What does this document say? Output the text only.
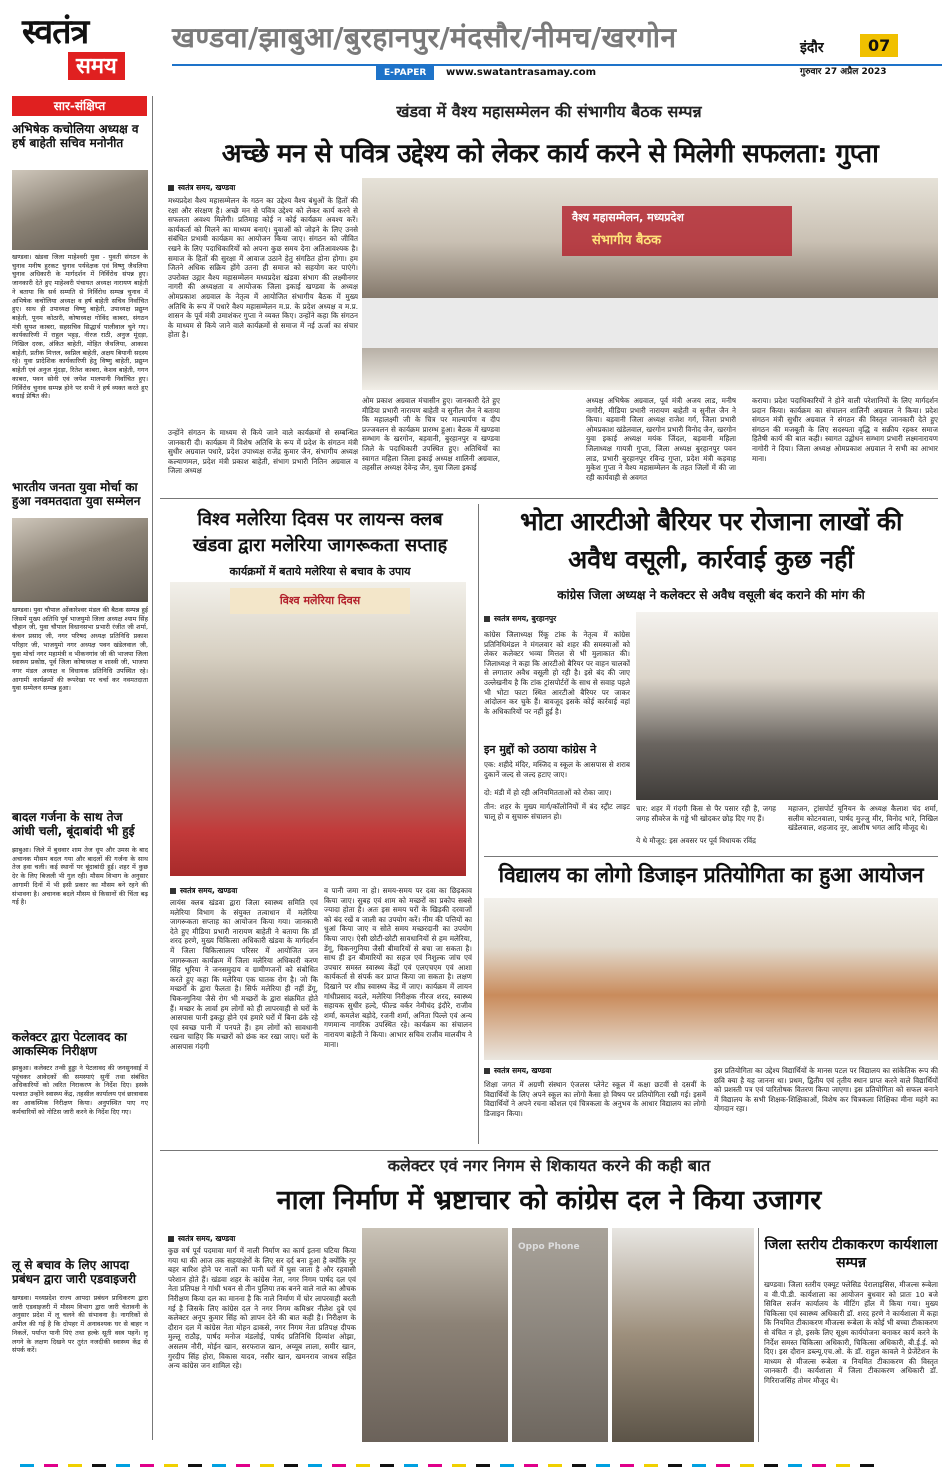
स्वतंत्र
समय
खण्डवा/झाबुआ/बुरहानपुर/मंदसौर/नीमच/खरगोन
E-PAPER	www.swatantrasamay.com
इंदौर	07
गुरुवार 27 अप्रैल 2023
सार-संक्षिप्त
अभिषेक कचोलिया अध्यक्ष व हर्ष बाहेती सचिव मनोनीत
खण्डवा। खंडवा जिला माहेश्वरी युवा - युवती संगठन के चुनाव मनीष हुरकट चुनाव पर्यवेक्षक एवं विष्णु जैथलिया चुनाव अधिकारी के मार्गदर्शन में निर्विरोध संपन्न हुए। जानकारी देते हुए माहेश्वरी पंचायत अध्यक्ष नारायण बाहेती ने बताया कि सर्व सम्मति से निर्विरोध सम्पन्न चुनाव में अभिषेक कचोलिया अध्यक्ष व हर्ष बाहेती सचिव निर्वाचित हुए। साथ ही उपाध्यक्ष विष्णु बाहेती, उपाध्यक्ष प्रद्युम्न बाहेती, पूनम कोठारी, कोषाध्यक्ष गोविंद काबरा, संगठन मंत्री सुयश काबरा, सहसचिव सिद्धार्थ पालीवाल चुने गए। कार्यकारिणी में राहुल भट्टड़, नीरज राठी, अनुज मूंदड़ा, निखिल दरक, अंकित बाहेती, मोहित जैथलिया, आकाश बाहेती, प्रतीक मित्तल, स्वप्निल बाहेती, अक्षय बियानी सदस्य रहे। युवा प्रादेशिक कार्यकारिणी हेतु विष्णु बाहेती, प्रद्युम्न बाहेती एवं अनुज मूंदड़ा, रितेश काबरा, केशव बाहेती, गगन काबरा, पवन सोनी एवं जयेश मालपानी निर्वाचित हुए। निर्विरोध चुनाव सम्पन्न होने पर सभी ने हर्ष व्यक्त करते हुए बधाई प्रेषित की।
भारतीय जनता युवा मोर्चा का हुआ नवमतदाता युवा सम्मेलन
खण्डवा। युवा चौपाल ओंकारेश्वर मंडल की बैठक सम्पन्न हुई जिसमें मुख्य अतिथि पूर्व भाजयुमो जिला अध्यक्ष श्याम सिंह चौहान जी, युवा चौपाल विधानसभा प्रभारी रंजीत जी शर्मा, कंचन प्रसाद जी, नगर परिषद अध्यक्ष प्रतिनिधि प्रकाश परिहार जी, भाजयुमो नगर अध्यक्ष पवन खंडेलवाल जी, युवा मोर्चा नगर महामंत्री व भीकनगांव जी की भाजपा जिला स्वास्थ्य प्रकोष्ठ, पूर्व जिला कोषाध्यक्ष व शास्त्री जी, भाजपा नगर मंडल अध्यक्ष व विधायक प्रतिनिधि उपस्थित रहे। आगामी कार्यक्रमों की रूपरेखा पर चर्चा कर नवमतदाता युवा सम्मेलन सम्पन्न हुआ।
बादल गर्जना के साथ तेज आंधी चली, बूंदाबांदी भी हुई
झाबुआ। जिले में बुधवार शाम तेज धूप और उमस के बाद अचानक मौसम बदल गया और बादलों की गर्जना के साथ तेज हवा चली। कई स्थानों पर बूंदाबांदी हुई। शहर में कुछ देर के लिए बिजली भी गुल रही। मौसम विभाग के अनुसार आगामी दिनों में भी इसी प्रकार का मौसम बने रहने की संभावना है। अचानक बदले मौसम से किसानों की चिंता बढ़ गई है।
कलेक्टर द्वारा पेटलावद का आकस्मिक निरीक्षण
झाबुआ। कलेक्टर तन्वी हुड्डा ने पेटलावद की जनसुनवाई में पहुंचकर आवेदकों की समस्याएं सुनीं तथा संबंधित अधिकारियों को त्वरित निराकरण के निर्देश दिए। इसके पश्चात उन्होंने स्वास्थ्य केंद्र, तहसील कार्यालय एवं छात्रावास का आकस्मिक निरीक्षण किया। अनुपस्थित पाए गए कर्मचारियों को नोटिस जारी करने के निर्देश दिए गए।
लू से बचाव के लिए आपदा प्रबंधन द्वारा जारी एडवाइजरी
खण्डवा। मध्यप्रदेश राज्य आपदा प्रबंधन प्राधिकरण द्वारा जारी एडवाइजरी में मौसम विभाग द्वारा जारी चेतावनी के अनुसार प्रदेश में लू चलने की संभावना है। नागरिकों से अपील की गई है कि दोपहर में अनावश्यक घर से बाहर न निकलें, पर्याप्त पानी पिएं तथा हल्के सूती वस्त्र पहनें। लू लगने के लक्षण दिखने पर तुरंत नजदीकी स्वास्थ्य केंद्र से संपर्क करें।
खंडवा में वैश्य महासम्मेलन की संभागीय बैठक सम्पन्न
अच्छे मन से पवित्र उद्देश्य को लेकर कार्य करने से मिलेगी सफलता: गुप्ता
स्वतंत्र समय, खण्डवा
मध्यप्रदेश वैश्य महासम्मेलन के गठन का उद्देश्य वैश्य बंधुओं के हितों की रक्षा और संरक्षण है। अच्छे मन से पवित्र उद्देश्य को लेकर कार्य करने से सफलता अवश्य मिलेगी। प्रतिमाह कोई न कोई कार्यक्रम अवश्य करें। कार्यकर्ता को मिलने का माध्यम बनाएं। युवाओं को जोड़ने के लिए उनसे संबंधित प्रभावी कार्यक्रम का आयोजन किया जाए। संगठन को जीवित रखने के लिए पदाधिकारियों को अपना कुछ समय देना अतिआवश्यक है। समाज के हितों की सुरक्षा में आवाज उठाने हेतु संगठित होना होगा। हम जितने अधिक सक्रिय होंगे उतना ही समाज को सहयोग कर पाएंगे। उपरोक्त उद्गार वैश्य महासम्मेलन मध्यप्रदेश खंडवा संभाग की लक्ष्मीनगर नागरी की अध्यक्षता व आयोजक जिला इकाई खण्डवा के अध्यक्ष ओमप्रकाश अग्रवाल के नेतृत्व में आयोजित संभागीय बैठक में मुख्य अतिथि के रूप में पधारे वैश्य महासम्मेलन म.प्र. के प्रदेश अध्यक्ष व म.प्र. शासन के पूर्व मंत्री उमाशंकर गुप्ता ने व्यक्त किए। उन्होंने कहा कि संगठन के माध्यम से किये जाने वाले कार्यक्रमों से समाज में नई ऊर्जा का संचार होता है।
उन्होंने संगठन के माध्यम से किये जाने वाले कार्यक्रमों से सम्बन्धित जानकारी दी। कार्यक्रम में विशेष अतिथि के रूप में प्रदेश के संगठन मंत्री सुधीर अग्रवाल पधारे, प्रदेश उपाध्यक्ष राजेंद्र कुमार जैन, संभागीय अध्यक्ष कल्याणमल, प्रदेश मंत्री प्रकाश बाहेती, संभाग प्रभारी नितिन अग्रवाल व जिला अध्यक्ष
वैश्य महासम्मेलन, मध्यप्रदेश
संभागीय बैठक
ओम प्रकाश अग्रवाल मंचासीन हुए। जानकारी देते हुए मीडिया प्रभारी नारायण बाहेती व सुनील जैन ने बताया कि महालक्ष्मी जी के चित्र पर माल्यार्पण व दीप प्रज्जवलन से कार्यक्रम प्रारम्भ हुआ। बैठक में खण्डवा सम्भाग के खरगोन, बड़वानी, बुरहानपुर व खण्डवा जिले के पदाधिकारी उपस्थित हुए। अतिथियों का स्वागत महिला जिला इकाई अध्यक्ष शालिनी अग्रवाल, तहसील अध्यक्ष देवेन्द्र जैन, युवा जिला इकाई
अध्यक्ष अभिषेक अग्रवाल, पूर्व मंत्री अजय लाड, मनीष नागोरी, मीडिया प्रभारी नारायण बाहेती व सुनील जैन ने किया। बड़वानी जिला अध्यक्ष राजेश गर्ग, जिला प्रभारी ओमप्रकाश खंडेलवाल, खरगोन प्रभारी विनोद जैन, खरगोन युवा इकाई अध्यक्ष मयंक जिंदल, बड़वानी महिला जिलाध्यक्ष गायत्री गुप्ता, जिला अध्यक्ष बुरहानपुर पवन लाड, प्रभारी बुरहानपुर रविन्द्र गुप्ता, प्रदेश मंत्री कड़वाह मुकेश गुप्ता ने वैश्य महासम्मेलन के तहत जिलों में की जा रही कार्यवाही से अवगत
कराया। प्रदेश पदाधिकारियों ने होने वाली परेशानियों के लिए मार्गदर्शन प्रदान किया। कार्यक्रम का संचालन शालिनी अग्रवाल ने किया। प्रदेश संगठन मंत्री सुधीर अग्रवाल ने संगठन की विस्तृत जानकारी देते हुए संगठन की मजबूती के लिए सदस्यता वृद्धि व सक्रीय रहकर समाज हितैषी कार्य की बात कही। स्वागत उद्बोधन सम्भाग प्रभारी लक्ष्मनारायण नागोरी ने दिया। जिला अध्यक्ष ओमप्रकाश अग्रवाल ने सभी का आभार माना।
विश्व मलेरिया दिवस पर लायन्स क्लब
खंडवा द्वारा मलेरिया जागरूकता सप्ताह
कार्यक्रमों में बताये मलेरिया से बचाव के उपाय
विश्व मलेरिया दिवस
स्वतंत्र समय, खण्डवा
लायंस क्लब खंडवा द्वारा जिला स्वास्थ्य समिति एवं मलेरिया विभाग के संयुक्त तत्वाधान में मलेरिया जागरूकता सप्ताह का आयोजन किया गया। जानकारी देते हुए मीडिया प्रभारी नारायण बाहेती ने बताया कि डॉ शरद हरणे, मुख्य चिकित्सा अधिकारी खंडवा के मार्गदर्शन में जिला चिकित्सालय परिसर में आयोजित जन जागरूकता कार्यक्रम में जिला मलेरिया अधिकारी करण सिंह भूरिया ने जनसमुदाय व ग्रामीणजनों को संबोधित करते हुए कहा कि मलेरिया एक घातक रोग है। जो कि मच्छरों के द्वारा फैलता है। सिर्फ मलेरिया ही नहीं डेंगू, चिकनगुनिया जैसे रोग भी मच्छरों के द्वारा संक्रमित होते हैं। मच्छर के लार्वा हम लोगों को ही लापरवाही से घरों के आसपास पानी इकट्ठा होने एवं हमारे घरों में बिना ढंके रहे एवं स्वच्छ पानी में पनपते हैं। हम लोगों को सावधानी रखना चाहिए कि मच्छरों को छंक कर रखा जाए। घरों के आसपास गंदगी
व पानी जमा ना हो। समय-समय पर दवा का छिड़काव किया जाए। सुबह एवं शाम को मच्छरों का प्रकोप सबसे ज्यादा होता है। अतः इस समय घरों के खिड़की दरवाजों को बंद रखें व जाली का उपयोग करें। नीम की पत्तियों का धुआं किया जाए व सोते समय मच्छरदानी का उपयोग किया जाए। ऐसी छोटी-छोटी सावधानियों से हम मलेरिया, डेंगू, चिकनगुनिया जैसी बीमारियों से बचा जा सकता है। साथ ही इन बीमारियों का सहज एवं निशुल्क जांच एवं उपचार समस्त स्वास्थ्य केंद्रों एवं एलएचएम एवं आशा कार्यकर्ता से संपर्क कर प्राप्त किया जा सकता है। लक्षण दिखाने पर शीघ्र स्वास्थ्य केंद्र में जाए। कार्यक्रम में लायन गांधीप्रसाद वदले, मलेरिया निरीक्षक नीरज शरद, स्वास्थ्य सहायक सुधीर हल्दे, फील्ड वर्कर नेमीचंद इंदौरे, राजीव शर्मा, कमलेश बड़ोदे, रजनी शर्मा, अनिता पिल्ले एवं अन्य गणमान्य नागरिक उपस्थित रहे। कार्यक्रम का संचालन नारायण बाहेती ने किया। आभार सचिव राजीव मालवीय ने माना।
भोटा आरटीओ बैरियर पर रोजाना लाखों की
अवैध वसूली, कार्रवाई कुछ नहीं
कांग्रेस जिला अध्यक्ष ने कलेक्टर से अवैध वसूली बंद कराने की मांग की
स्वतंत्र समय, बुरहानपुर
कांग्रेस जिलाध्यक्ष रिंकू टांक के नेतृत्व में कांग्रेस प्रतिनिधिमंडल ने मंगलवार को शहर की समस्याओं को लेकर कलेक्टर भव्या मित्तल से भी मुलाकात की। जिलाध्यक्ष ने कहा कि आरटीओ बैरियर पर वाहन चालकों से लगातार अवैध वसूली हो रही है। इसे बंद की जाए उल्लेखनीय है कि टांक ट्रांसपोर्टरों के साथ से सवाह पहले भी भोटा फाटा स्थित आरटीओ बैरियर पर जाकर आंदोलन कर चुके हैं। बावजूद इसके कोई कार्रवाई वहां के अधिकारियों पर नहीं हुई है।
इन मुद्दों को उठाया कांग्रेस ने
एक: शहीदे मंदिर, मस्जिद व स्कूल के आसपास से शराब दुकानें जल्द से जल्द हटाए जाए।
दो: मंडी में हो रही अनियमितताओं को रोका जाए।
तीन: शहर के मुख्य मार्ग/कॉलोनियों में बंद स्ट्रीट लाइट चालू हो व सुचारू संचालन हो।
चार: शहर में गंदगी किस से पैर पसार रही है, जगह जगह सीवरेज के गड्ढे भी खोदकर छोड़ दिए गए हैं।
ये थे मौजूद: इस अवसर पर पूर्व विधायक रविंद्र
महाजन, ट्रांसपोर्ट यूनियन के अध्यक्ष कैलाश चंद शर्मा, सलीम कोटनवाला, पार्षद मुज्जु मीर, विनोद भारे, निखिल खंडेलवाल, शहजाद नूर, आशीष भगत आदि मौजूद थे।
विद्यालय का लोगो डिजाइन प्रतियोगिता का हुआ आयोजन
स्वतंत्र समय, खण्डवा
शिक्षा जगत में अग्रणी संस्थान एंजलस प्लेनेट स्कूल में कक्षा छटवीं से दसवीं के विद्यार्थियों के लिए अपने स्कूल का लोगो कैसा हो विषय पर प्रतियोगिता रखी गई। इसमें विद्यार्थियों ने अपने रचना कौशल एवं चित्रकला के अनुभव के आधार विद्यालय का लोगो डिजाइन किया।
इस प्रतियोगिता का उद्देश्य विद्यार्थियों के मानस पटल पर विद्यालय का सांकेतिक रूप की छवि क्या है यह जानना था। प्रथम, द्वितीय एवं तृतीय स्थान प्राप्त करने वाले विद्यार्थियों को प्रशस्ती पत्र एवं पारितोषक वितरण किया जाएगा। इस प्रतियोगिता को सफल बनाने में विद्यालय के सभी शिक्षक-शिक्षिकाओं, विशेष कर चित्रकला शिक्षिका मीना महंगे का योगदान रहा।
कलेक्टर एवं नगर निगम से शिकायत करने की कही बात
नाला निर्माण में भ्रष्टाचार को कांग्रेस दल ने किया उजागर
स्वतंत्र समय, खण्डवा
कुछ वर्ष पूर्व पदमावा मार्ग में नाली निर्माण का कार्य इतना घटिया किया गया था की आज तक सहयाक्षेरों के लिए सर दर्द बना हुआ है क्योंकि गुर बहर बारिश होने पर नालों का पानी घरों में घुस जाता है और रहवासी परेशान होते हैं। खंडवा शहर के कांग्रेस नेता, नगर निगम पार्षद दल एवं नेता प्रतिपक्ष ने गांधी भवन से तीन पुलिया तक बनने वाले नाले का औचक निरीक्षण किया दल का मानना है कि नाले निर्माण में घोर लापरवाही बरती गई है जिसके लिए कांग्रेस दल ने नगर निगम कमिश्नर नीलेश दुबे एवं कलेक्टर अनूप कुमार सिंह को ज्ञापन देने की बात कही है। निरीक्षण के दौरान दल में कांग्रेस नेता मोहन ढाकसे, नगर निगम नेता प्रतिपक्ष दीपक मुल्लू राठौड़, पार्षद मनोज मंडलोई, पार्षद प्रतिनिधि दिव्यांश ओझा, असलम नौरी, मोईन खान, सरफराज खान, अय्यूब लाला, समीर खान, गुरदीप सिंह होरा, विकास यादव, नसीर खान, खमनराव जाधव सहित अन्य कांग्रेस जन शामिल रहे।
Oppo Phone	जिला स्तरीय टीकाकरण कार्यशाला सम्पन्न
खण्डवा। जिला स्तरीय एक्यूट फ्लेसिड पेरालाइसिस, मीजल्स रूबेला व वी.पी.डी. कार्यशाला का आयोजन बुधवार को प्रातः 10 बजे सिविल सर्जन कार्यालय के मीटिंग हॉल में किया गया। मुख्य चिकित्सा एवं स्वास्थ्य अधिकारी डॉ. शरद हरणे ने कार्यशाला में कहा कि नियमित टीकाकरण मीजल्स रूबेला के कोई भी बच्चा टीकाकरण से वंचित न हो, इसके लिए सूक्ष्म कार्ययोजना बनाकर कार्य करने के निर्देश समस्त चिकित्सा अधिकारी, चिकित्सा अधिकारी, बी.ई.ई. को दिए। इस दौरान डब्ल्यू.एच.ओ. के डॉ. राहुल कावले ने प्रेजेंटेशन के माध्यम से मीजल्स रूबेला व नियमित टीकाकरण की विस्तृत जानकारी दी। कार्यशाला में जिला टीकाकरण अधिकारी डॉ. गिरिराजसिंह तोमर मौजूद थे।
